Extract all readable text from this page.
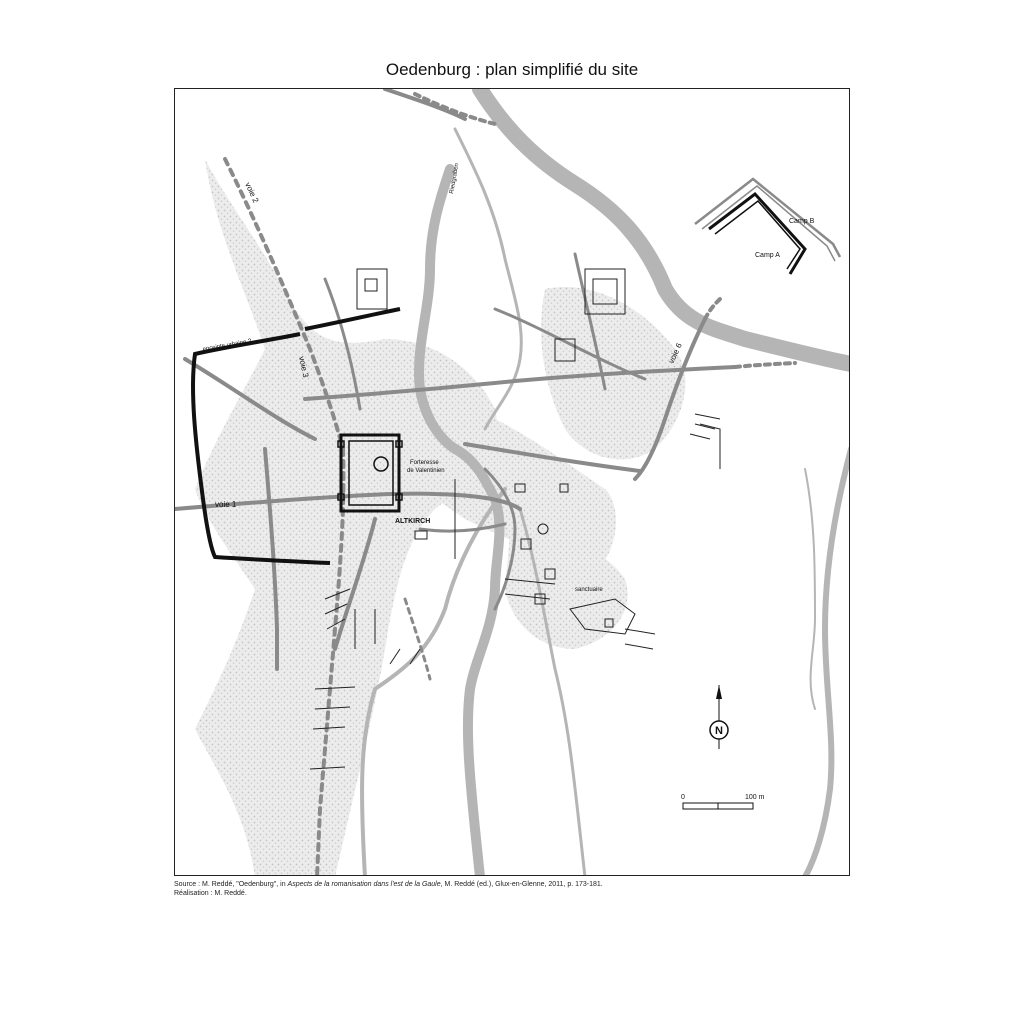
Oedenburg : plan simplifié du site
voie 2
voie 3
voie 1
voie 6
enceinte urbaine ?
Riedgraben
Forteresse
de Valentinien
ALTKIRCH
sanctuaire
Camp A
Camp B
N
0	100 m
Source : M. Reddé, "Oedenburg", in Aspects de la romanisation dans l'est de la Gaule, M. Reddé (ed.), Glux-en-Glenne, 2011, p. 173-181.
Réalisation : M. Reddé.
